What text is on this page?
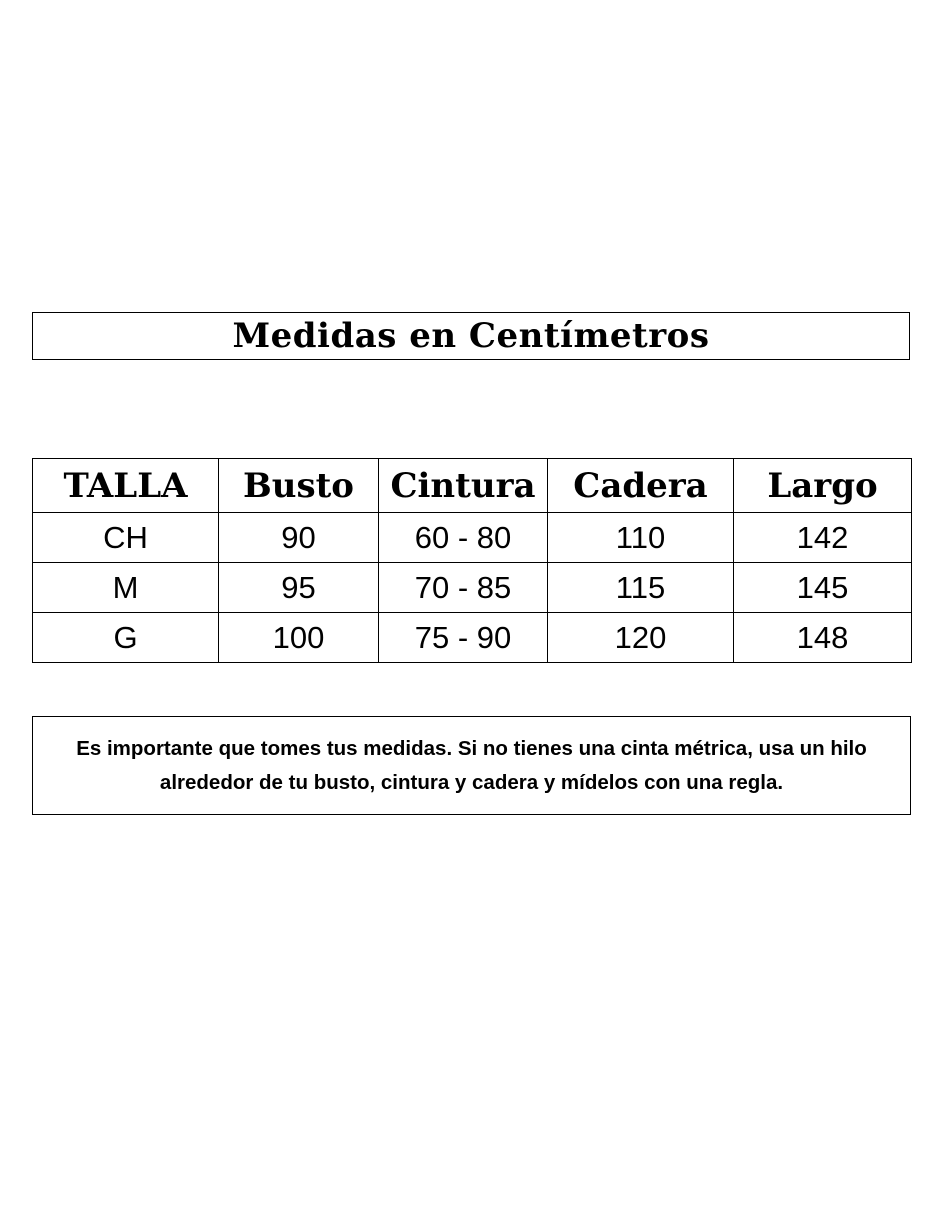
Medidas en Centímetros
TALLA	Busto	Cintura	Cadera	Largo
CH	90	60 - 80	110	142
M	95	70 - 85	115	145
G	100	75 - 90	120	148
Es importante que tomes tus medidas. Si no tienes una cinta métrica, usa un hilo alrededor de tu busto, cintura y cadera y mídelos con una regla.
